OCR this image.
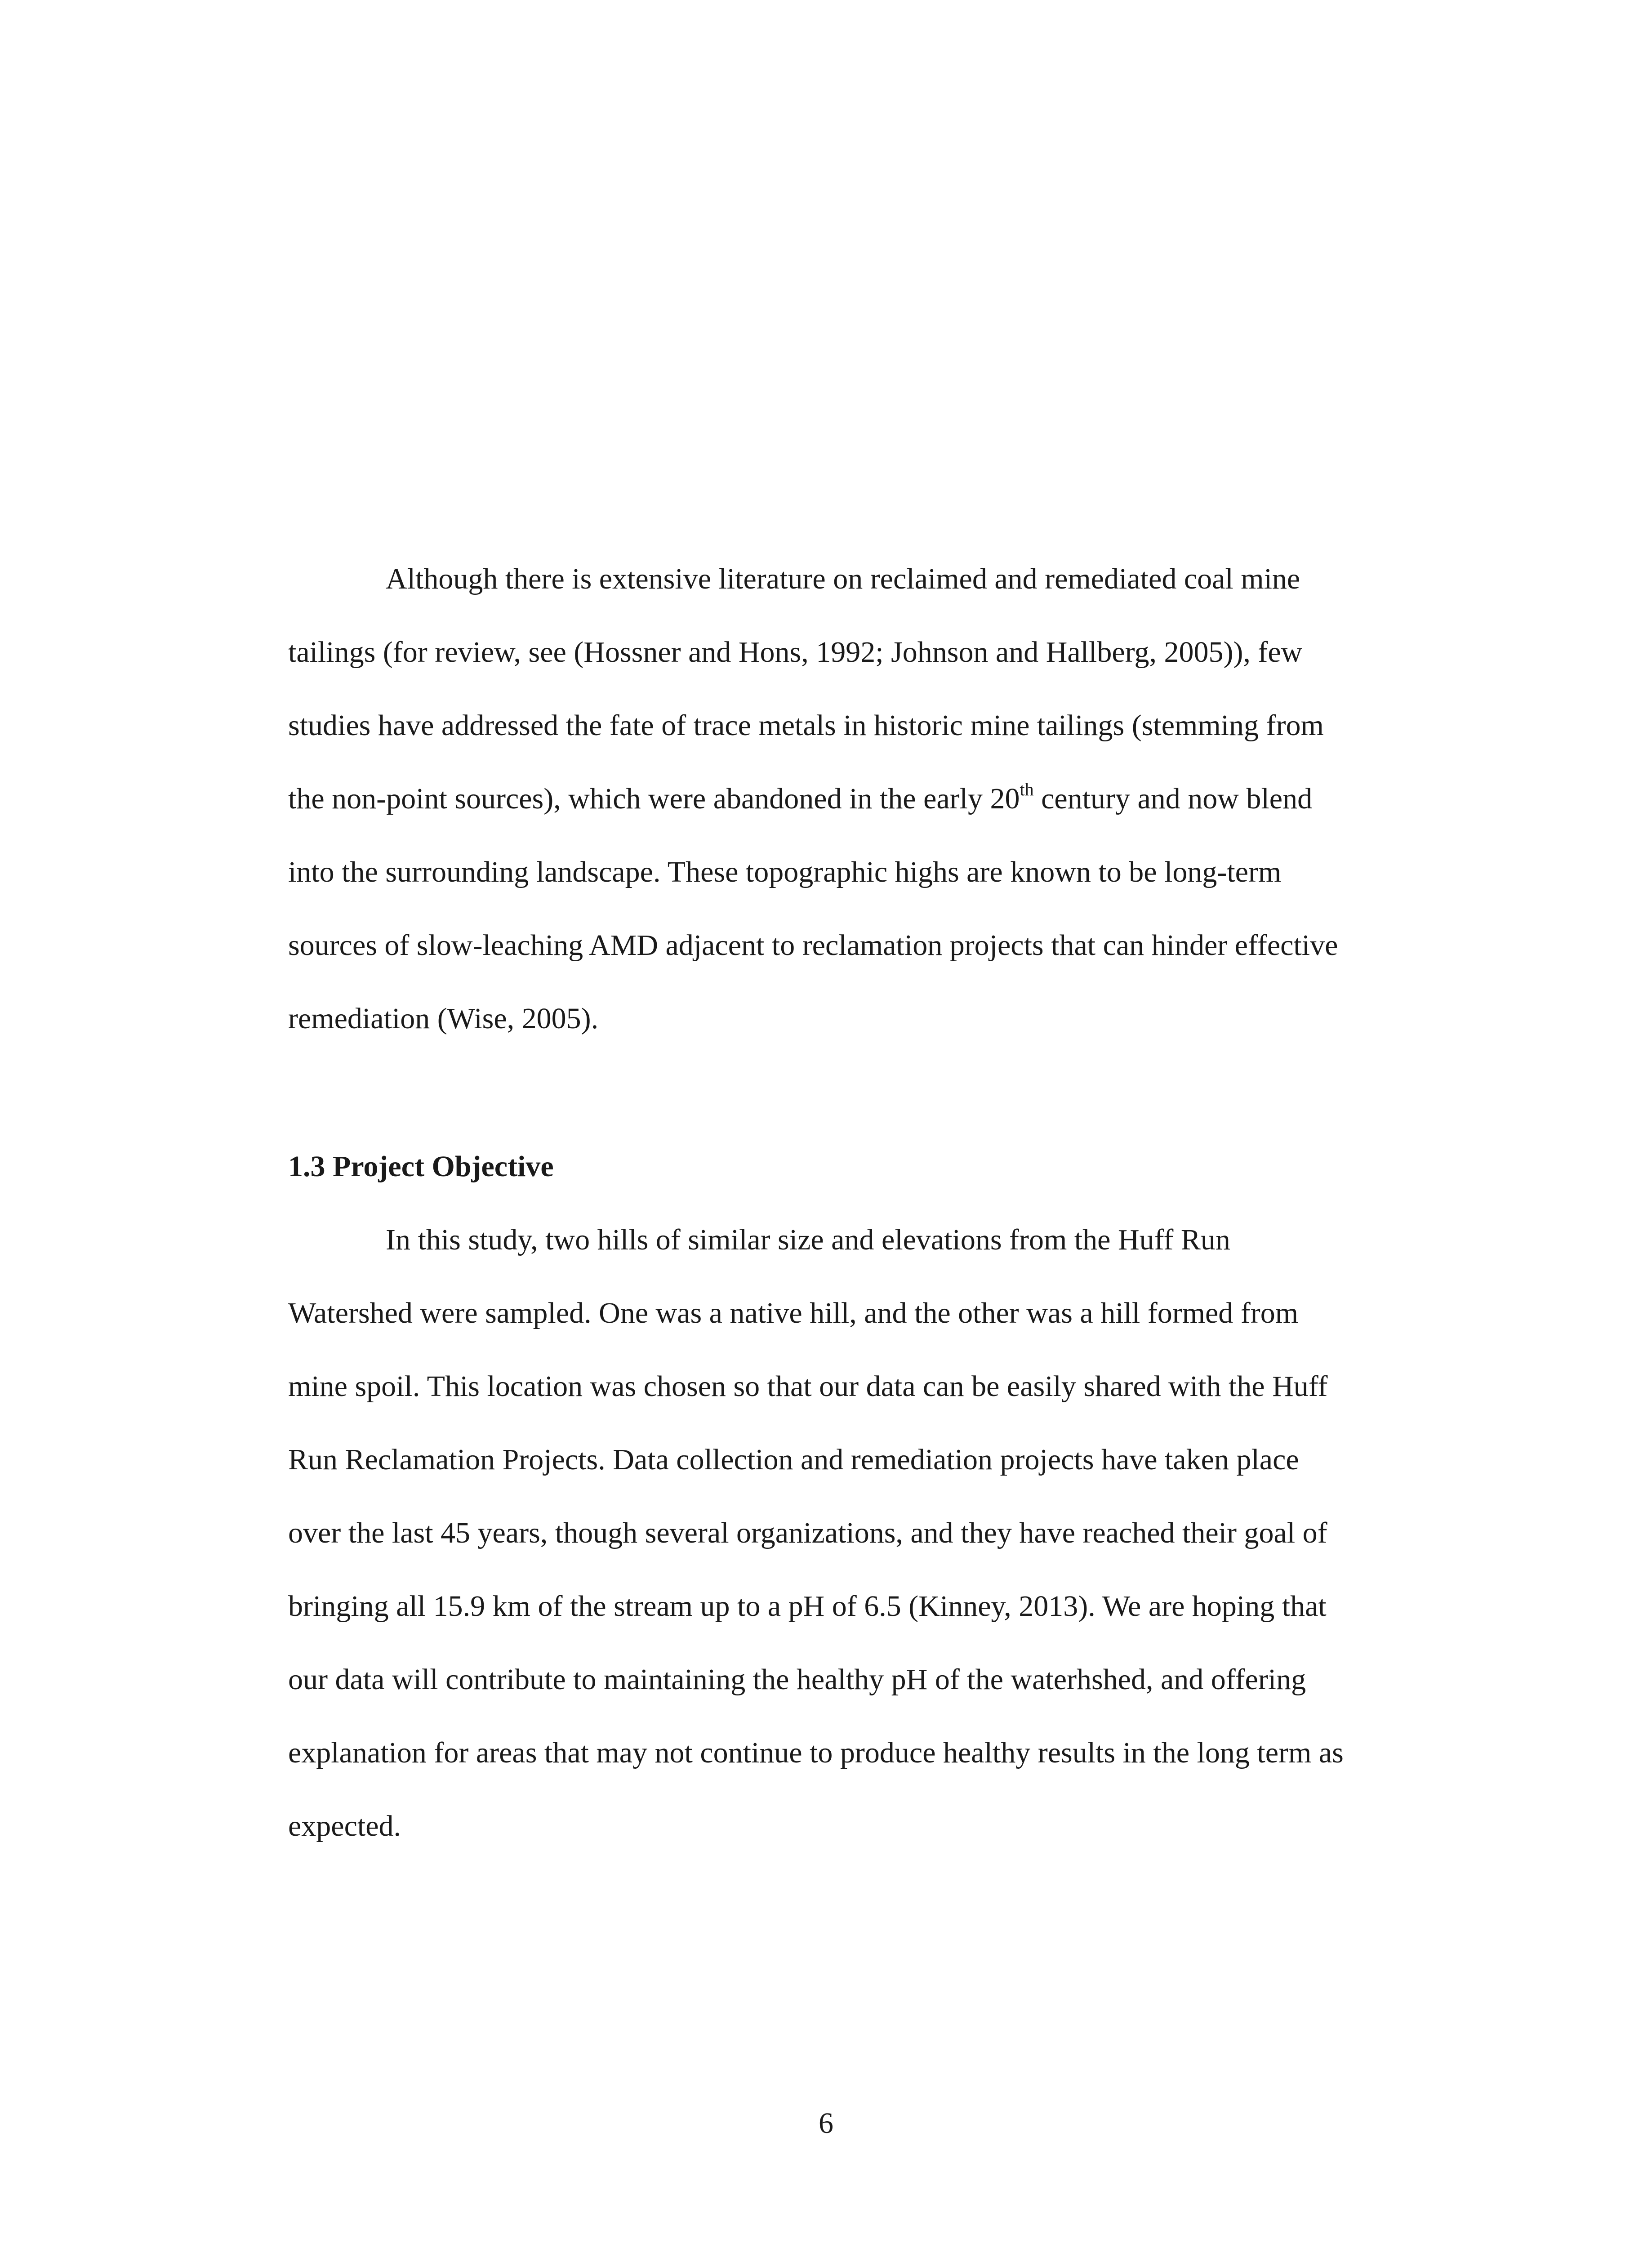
Although there is extensive literature on reclaimed and remediated coal mine
tailings (for review, see (Hossner and Hons, 1992; Johnson and Hallberg, 2005)), few
studies have addressed the fate of trace metals in historic mine tailings (stemming from
the non-point sources), which were abandoned in the early 20th century and now blend
into the surrounding landscape. These topographic highs are known to be long-term
sources of slow-leaching AMD adjacent to reclamation projects that can hinder effective
remediation (Wise, 2005).
1.3 Project Objective
In this study, two hills of similar size and elevations from the Huff Run
Watershed were sampled. One was a native hill, and the other was a hill formed from
mine spoil. This location was chosen so that our data can be easily shared with the Huff
Run Reclamation Projects. Data collection and remediation projects have taken place
over the last 45 years, though several organizations, and they have reached their goal of
bringing all 15.9 km of the stream up to a pH of 6.5 (Kinney, 2013). We are hoping that
our data will contribute to maintaining the healthy pH of the waterhshed, and offering
explanation for areas that may not continue to produce healthy results in the long term as
expected.
6
